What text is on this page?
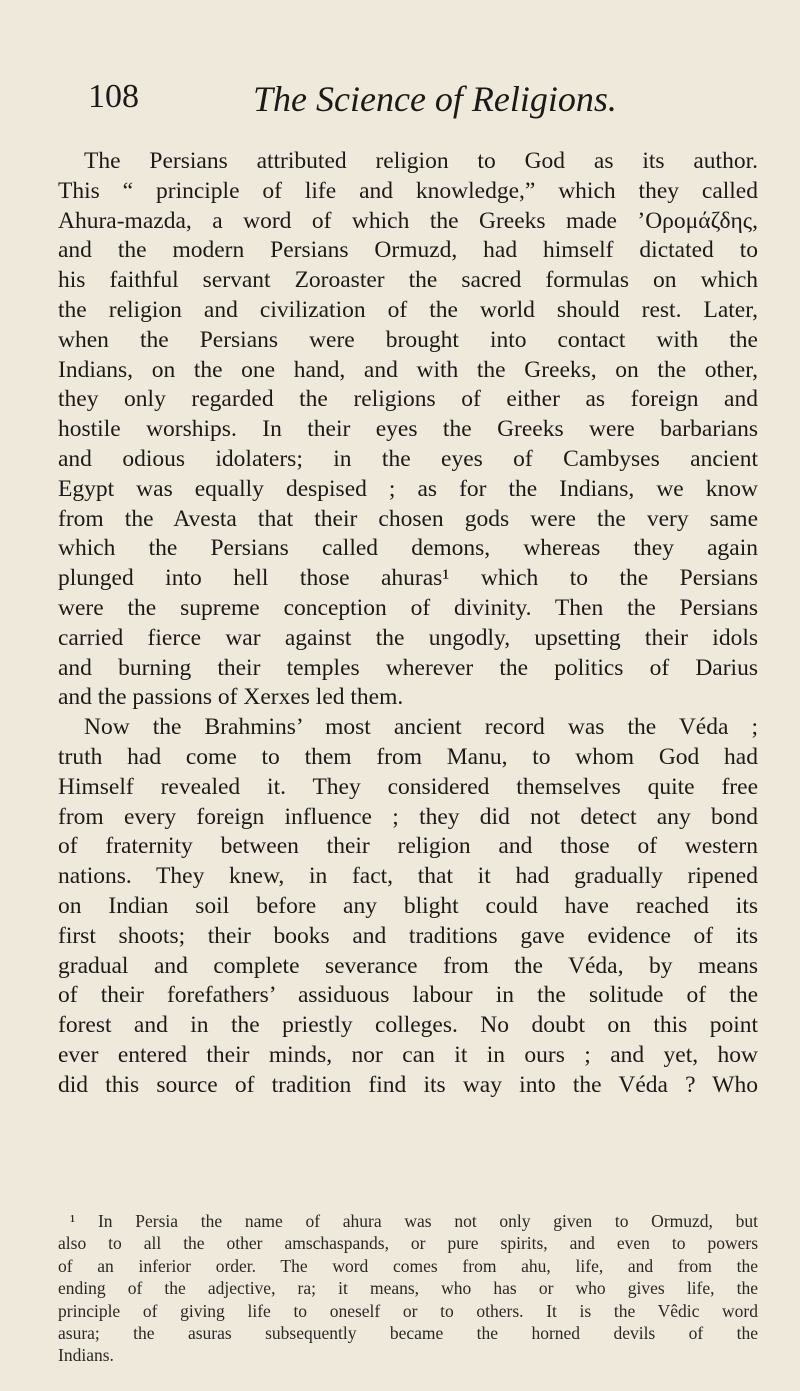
108	The Science of Religions.
The Persians attributed religion to God as its author.
This “ principle of life and knowledge,” which they called
Ahura-mazda, a word of which the Greeks made ’Ορομάζδης,
and the modern Persians Ormuzd, had himself dictated to
his faithful servant Zoroaster the sacred formulas on which
the religion and civilization of the world should rest. Later,
when the Persians were brought into contact with the
Indians, on the one hand, and with the Greeks, on the other,
they only regarded the religions of either as foreign and
hostile worships. In their eyes the Greeks were barbarians
and odious idolaters; in the eyes of Cambyses ancient
Egypt was equally despised ; as for the Indians, we know
from the Avesta that their chosen gods were the very same
which the Persians called demons, whereas they again
plunged into hell those ahuras¹ which to the Persians
were the supreme conception of divinity. Then the Persians
carried fierce war against the ungodly, upsetting their idols
and burning their temples wherever the politics of Darius
and the passions of Xerxes led them.
Now the Brahmins’ most ancient record was the Véda ;
truth had come to them from Manu, to whom God had
Himself revealed it. They considered themselves quite free
from every foreign influence ; they did not detect any bond
of fraternity between their religion and those of western
nations. They knew, in fact, that it had gradually ripened
on Indian soil before any blight could have reached its
first shoots; their books and traditions gave evidence of its
gradual and complete severance from the Véda, by means
of their forefathers’ assiduous labour in the solitude of the
forest and in the priestly colleges. No doubt on this point
ever entered their minds, nor can it in ours ; and yet, how
did this source of tradition find its way into the Véda ? Who
¹ In Persia the name of ahura was not only given to Ormuzd, but
also to all the other amschaspands, or pure spirits, and even to powers
of an inferior order. The word comes from ahu, life, and from the
ending of the adjective, ra; it means, who has or who gives life, the
principle of giving life to oneself or to others. It is the Vêdic word
asura; the asuras subsequently became the horned devils of the
Indians.
